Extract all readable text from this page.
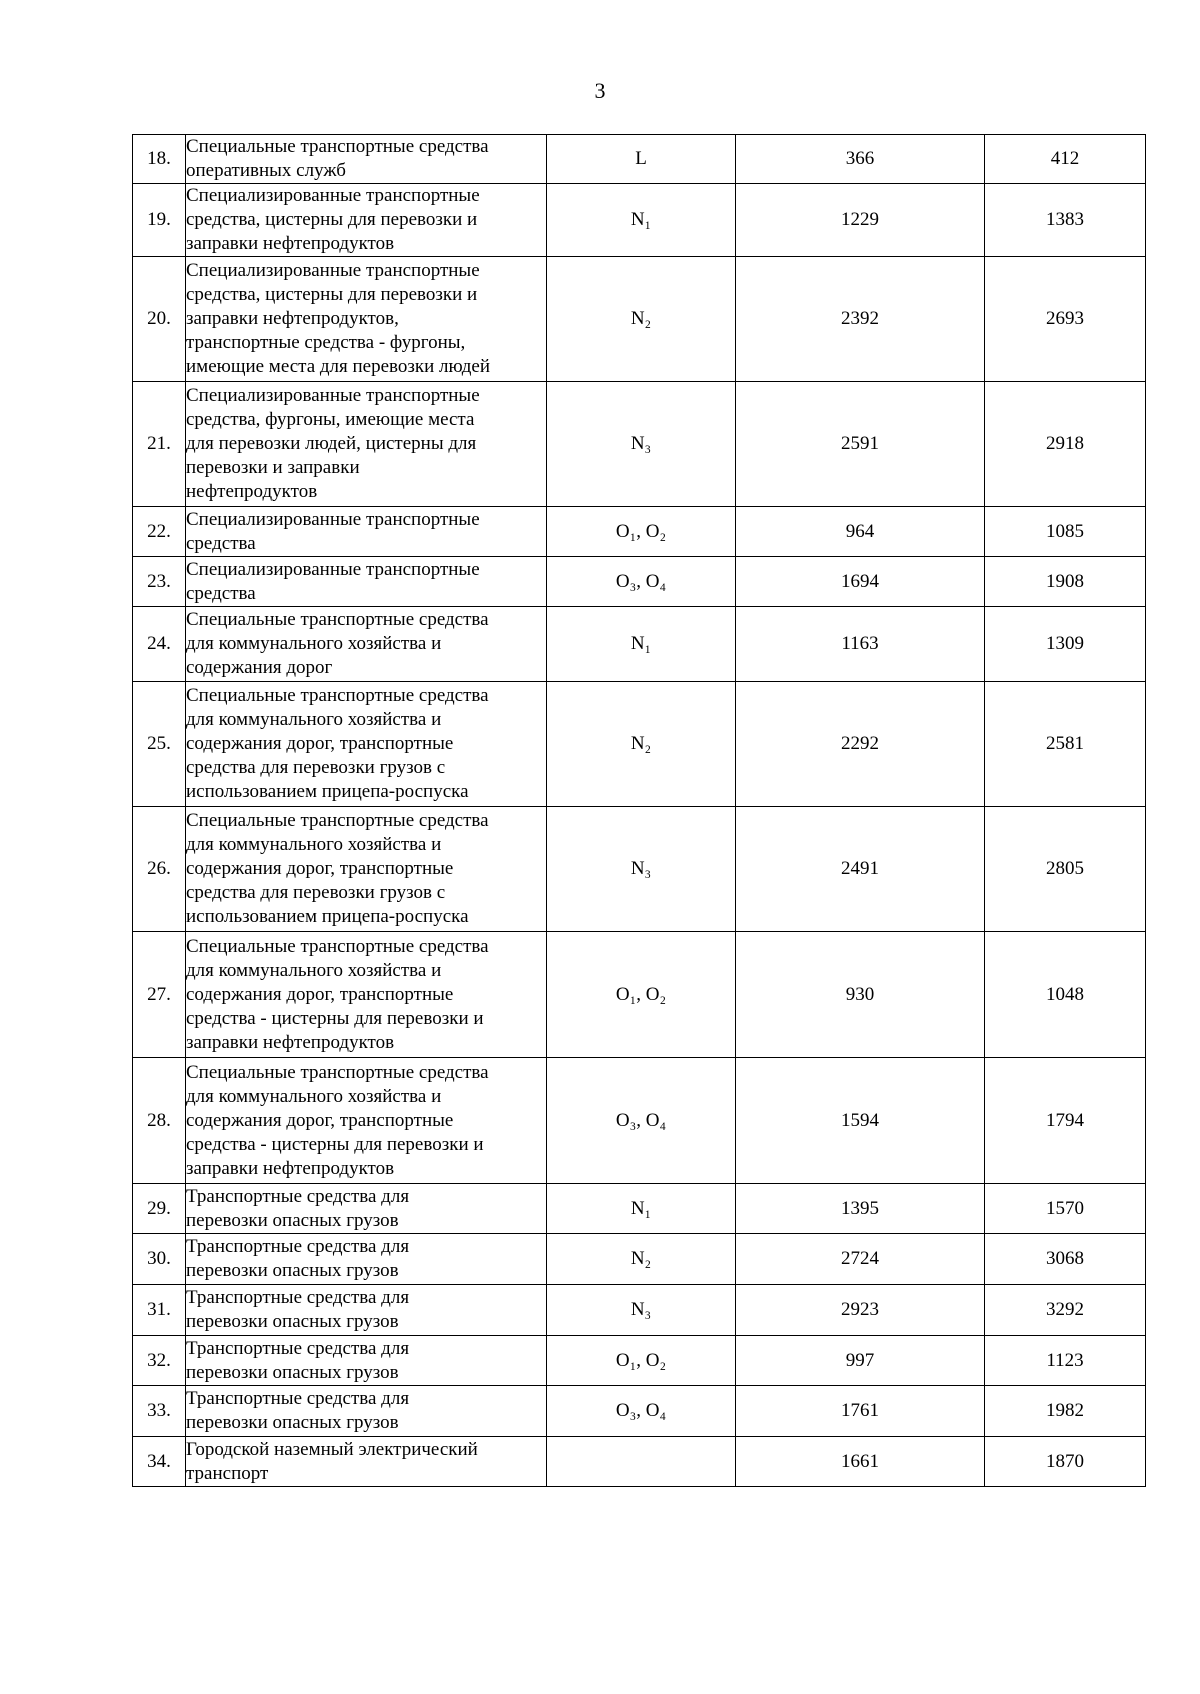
3
18.	Специальные транспортные средства
оперативных служб	L	366	412
19.	Специализированные транспортные
средства, цистерны для перевозки и
заправки нефтепродуктов	N₁	1229	1383
20.	Специализированные транспортные
средства, цистерны для перевозки и
заправки нефтепродуктов,
транспортные средства - фургоны,
имеющие места для перевозки людей	N₂	2392	2693
21.	Специализированные транспортные
средства, фургоны, имеющие места
для перевозки людей, цистерны для
перевозки и заправки
нефтепродуктов	N₃	2591	2918
22.	Специализированные транспортные
средства	O₁, O₂	964	1085
23.	Специализированные транспортные
средства	O₃, O₄	1694	1908
24.	Специальные транспортные средства
для коммунального хозяйства и
содержания дорог	N₁	1163	1309
25.	Специальные транспортные средства
для коммунального хозяйства и
содержания дорог, транспортные
средства для перевозки грузов с
использованием прицепа-роспуска	N₂	2292	2581
26.	Специальные транспортные средства
для коммунального хозяйства и
содержания дорог, транспортные
средства для перевозки грузов с
использованием прицепа-роспуска	N₃	2491	2805
27.	Специальные транспортные средства
для коммунального хозяйства и
содержания дорог, транспортные
средства - цистерны для перевозки и
заправки нефтепродуктов	O₁, O₂	930	1048
28.	Специальные транспортные средства
для коммунального хозяйства и
содержания дорог, транспортные
средства - цистерны для перевозки и
заправки нефтепродуктов	O₃, O₄	1594	1794
29.	Транспортные средства для
перевозки опасных грузов	N₁	1395	1570
30.	Транспортные средства для
перевозки опасных грузов	N₂	2724	3068
31.	Транспортные средства для
перевозки опасных грузов	N₃	2923	3292
32.	Транспортные средства для
перевозки опасных грузов	O₁, O₂	997	1123
33.	Транспортные средства для
перевозки опасных грузов	O₃, O₄	1761	1982
34.	Городской наземный электрический
транспорт		1661	1870
